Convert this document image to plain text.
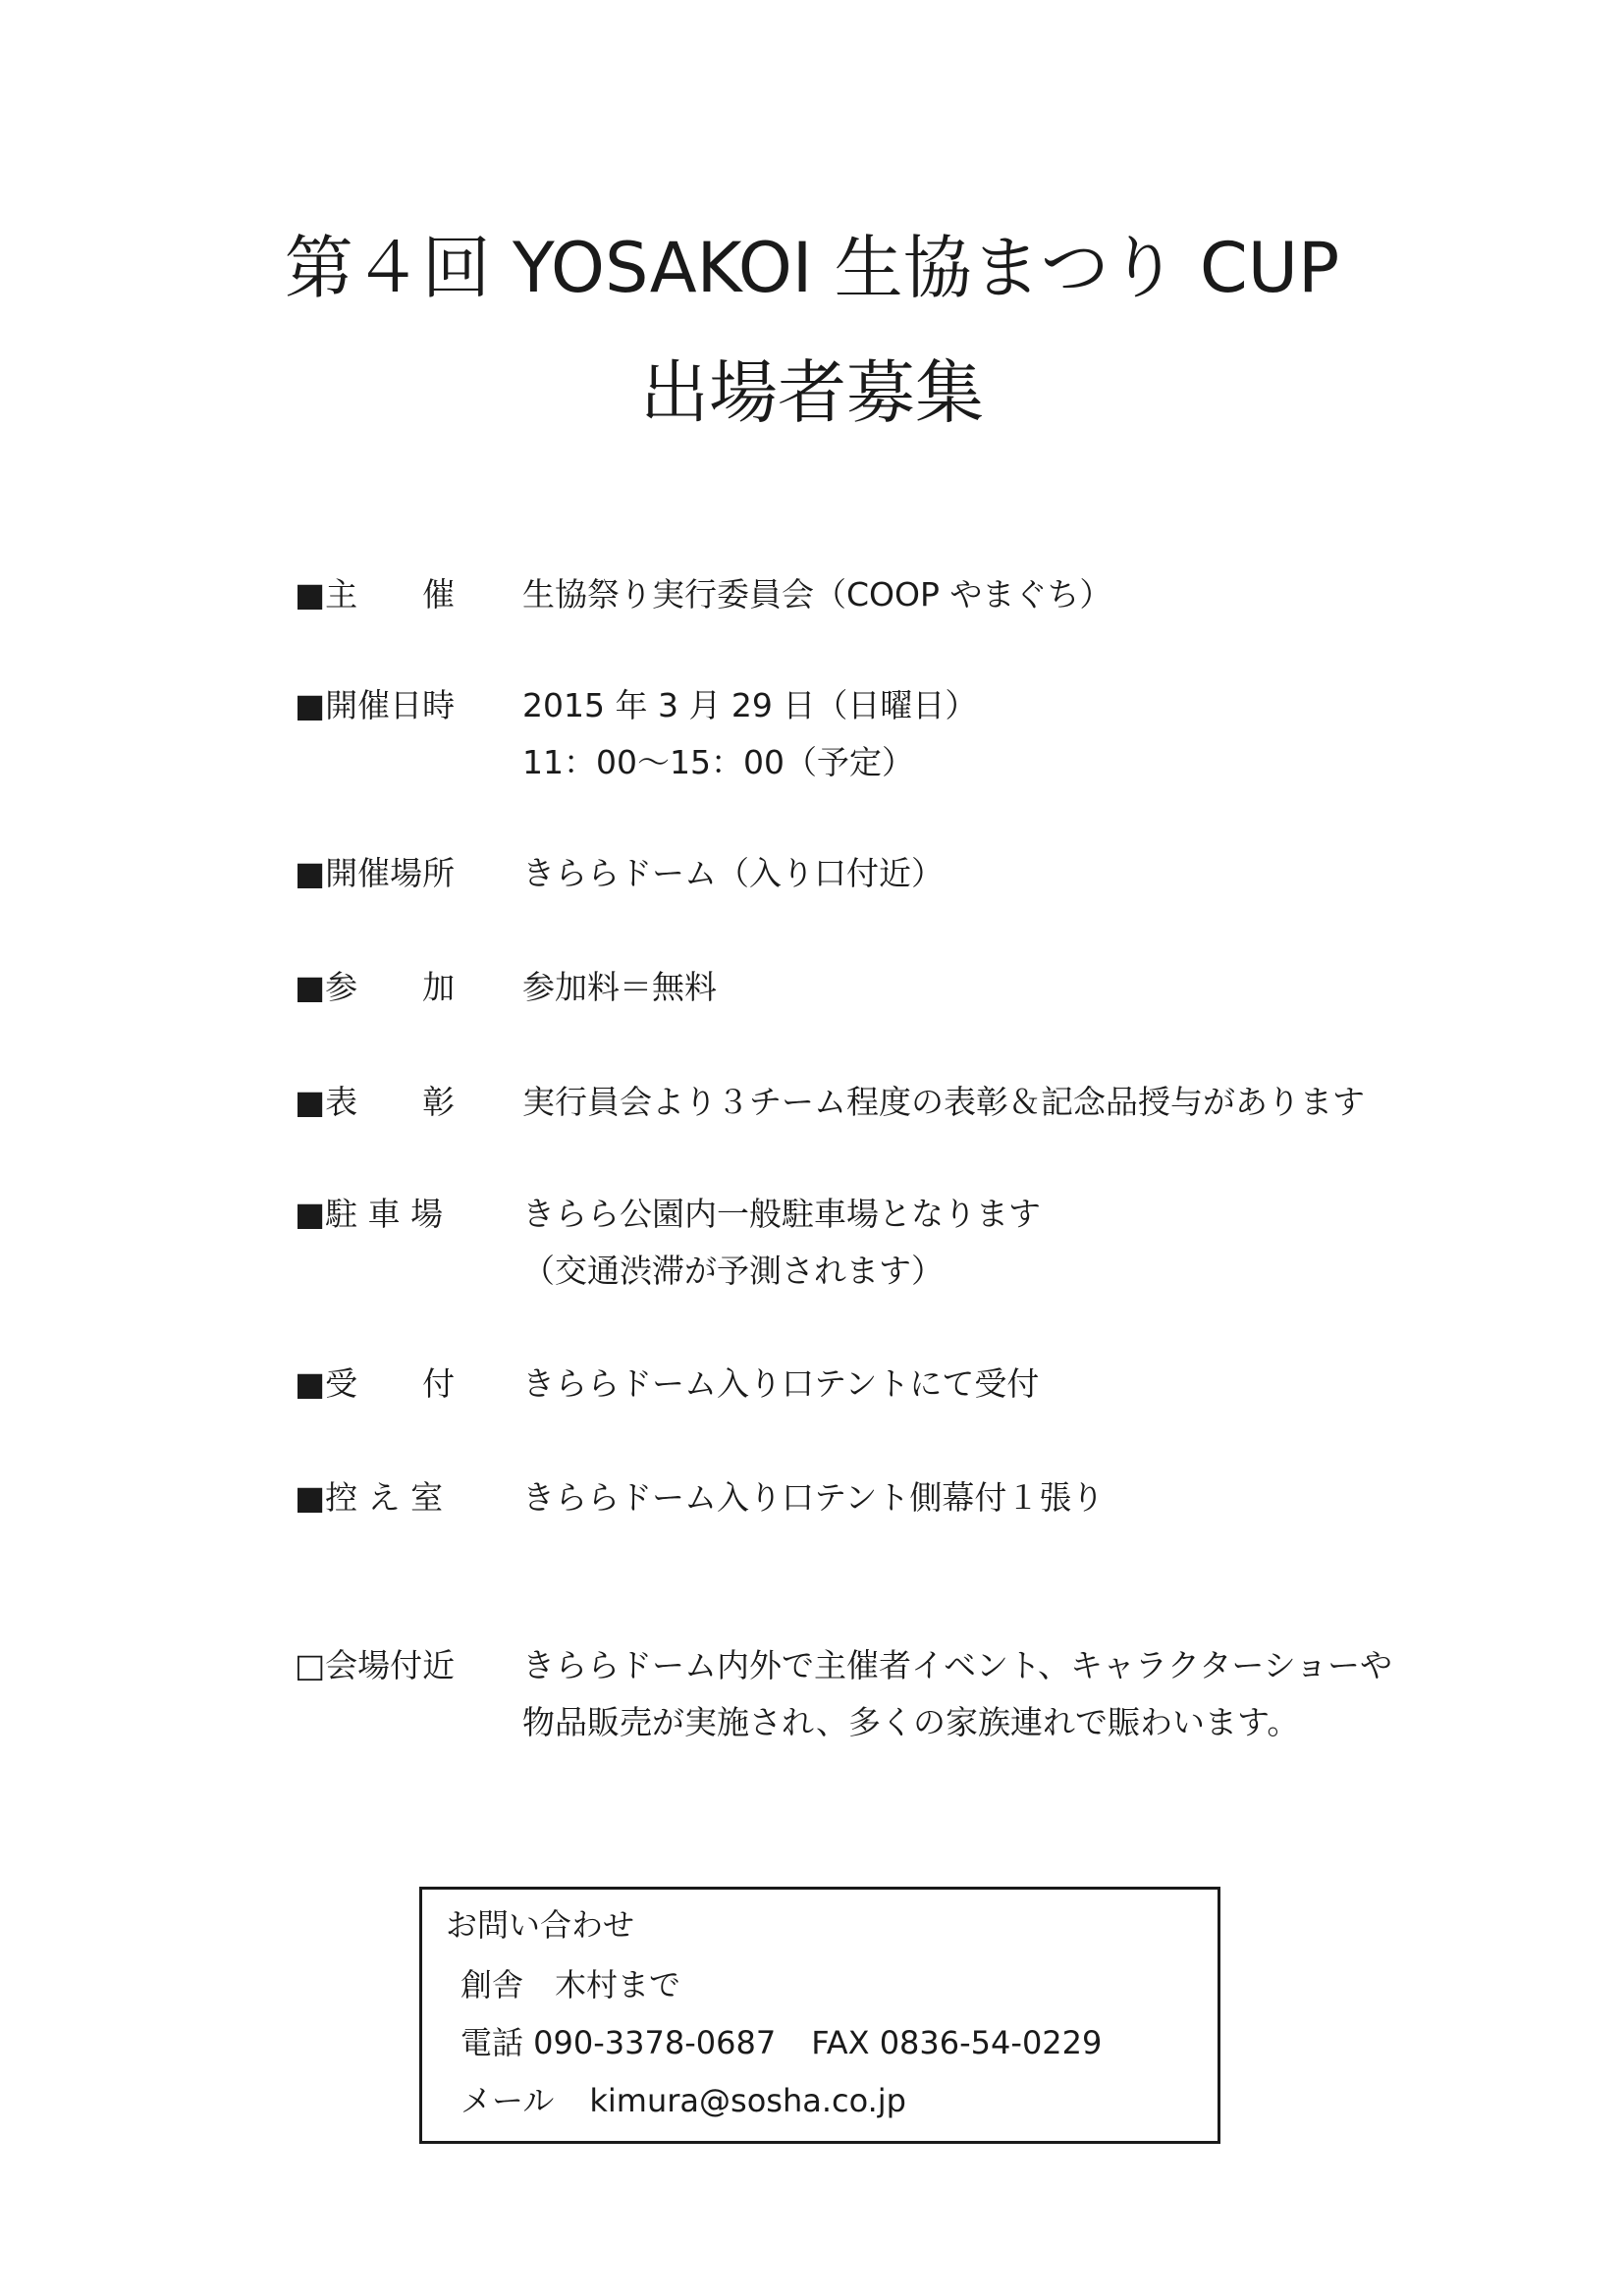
第４回 YOSAKOI 生協まつり CUP
出場者募集
■主　　催	生協祭り実行委員会（COOP やまぐち）
■開催日時	2015 年 3 月 29 日（日曜日）
11：00〜15：00（予定）
■開催場所	きららドーム（入り口付近）
■参　　加	参加料＝無料
■表　　彰	実行員会より３チーム程度の表彰＆記念品授与があります
■駐 車 場	きらら公園内一般駐車場となります
（交通渋滞が予測されます）
■受　　付	きららドーム入り口テントにて受付
■控 え 室	きららドーム入り口テント側幕付１張り
□会場付近	きららドーム内外で主催者イベント、キャラクターショーや
物品販売が実施され、多くの家族連れで賑わいます。
お問い合わせ
創舎　木村まで
電話 090-3378-0687 FAX 0836-54-0229
メール kimura@sosha.co.jp
